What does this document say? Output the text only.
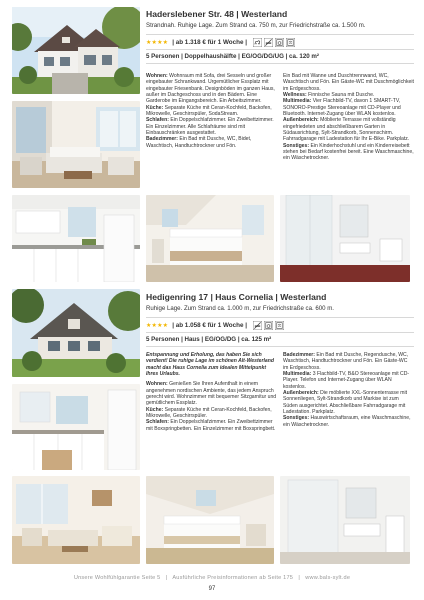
Haderslebener Str. 48 | Westerland
Strandnah. Ruhige Lage. Zum Strand ca. 750 m, zur Friedrichstraße ca. 1.500 m.
★★★★ | ab 1.318 € für 1 Woche |
5 Personen | Doppelhaushälfte | EG/OG/DG/UG | ca. 120 m²

Wohnen: Wohnraum mit Sofa, drei Sesseln und großer eingebauter Schrankwand. Urgemütlicher Essplatz mit eingebauter Friesenbank. Designböden im ganzen Haus, außer im Dachgeschoss und in den Bädern. Eine Garderobe im Eingangsbereich. Ein Arbeitszimmer.

Küche: Separate Küche mit Ceran-Kochfeld, Backofen, Mikrowelle, Geschirrspüler, SodaStream.

Schlafen: Ein Doppelschlafzimmer. Ein Zweibettzimmer. Ein Einzelzimmer. Alle Schlafräume sind mit Einbauschränken ausgestattet.

Badezimmer: Ein Bad mit Dusche, WC, Bidet, Waschtisch, Handtuchtrockner und Fön.

Ein Bad mit Wanne und Duschtrennwand, WC, Waschtisch und Fön. Ein Gäste-WC mit Duschmöglichkeit im Erdgeschoss.

Wellness: Finnische Sauna mit Dusche.

Multimedia: Vier Flachbild-TV, davon 1 SMART-TV, SONORO-Prestige Stereoanlage mit CD-Player und Bluetooth. Internet-Zugang über WLAN kostenlos.

Außenbereich: Möblierte Terrasse mit vollständig eingefriedeten und abschließbarem Garten in Südausrichtung, Sylt-Strandkorb, Sonnenschirm. Fahrradgarage mit Ladestation für Ihr E-Bike. Parkplatz.

Sonstiges: Ein Kinderhochstuhl und ein Kinderreisebett stehen bei Bedarf kostenfrei bereit. Eine Waschmaschine, ein Wäschetrockner.

Hedigenring 17 | Haus Cornelia | Westerland
Ruhige Lage. Zum Strand ca. 1.000 m, zur Friedrichstraße ca. 600 m.
★★★★ | ab 1.058 € für 1 Woche |
5 Personen | Haus | EG/OG/DG | ca. 125 m²

Entspannung und Erholung, das haben Sie sich verdient! Die ruhige Lage im schönen Alt-Westerland macht das Haus Cornelia zum idealen Mittelpunkt Ihres Urlaubs.

Wohnen: Genießen Sie Ihren Aufenthalt in einem angenehmen nordischen Ambiente, das jedem Anspruch gerecht wird. Wohnzimmer mit bequemer Sitzgarnitur und gemütlichem Essplatz.

Küche: Separate Küche mit Ceran-Kochfeld, Backofen, Mikrowelle, Geschirrspüler.

Schlafen: Ein Doppelschlafzimmer. Ein Zweibettzimmer mit Boxspringbetten. Ein Einzelzimmer mit Boxspringbett.

Badezimmer: Ein Bad mit Dusche, Regendusche, WC, Waschtisch, Handtuchtrockner und Fön. Ein Gäste-WC im Erdgeschoss.

Multimedia: 3 Flachbild-TV, B&O Stereoanlage mit CD-Player. Telefon und Internet-Zugang über WLAN kostenlos.

Außenbereich: Die möblierte XXL-Sonnenterrasse mit Sonnenliegen, Sylt-Strandkorb und Markise ist zum Süden ausgerichtet. Abschließbare Fahrradgarage mit Ladestation. Parkplatz.

Sonstiges: Hauswirtschaftsraum, eine Waschmaschine, ein Wäschetrockner.

Unsere Wohlfühlgarantie Seite 5   |   Ausführliche Preisinformationen ab Seite 175   |   www.bals-sylt.de
97
